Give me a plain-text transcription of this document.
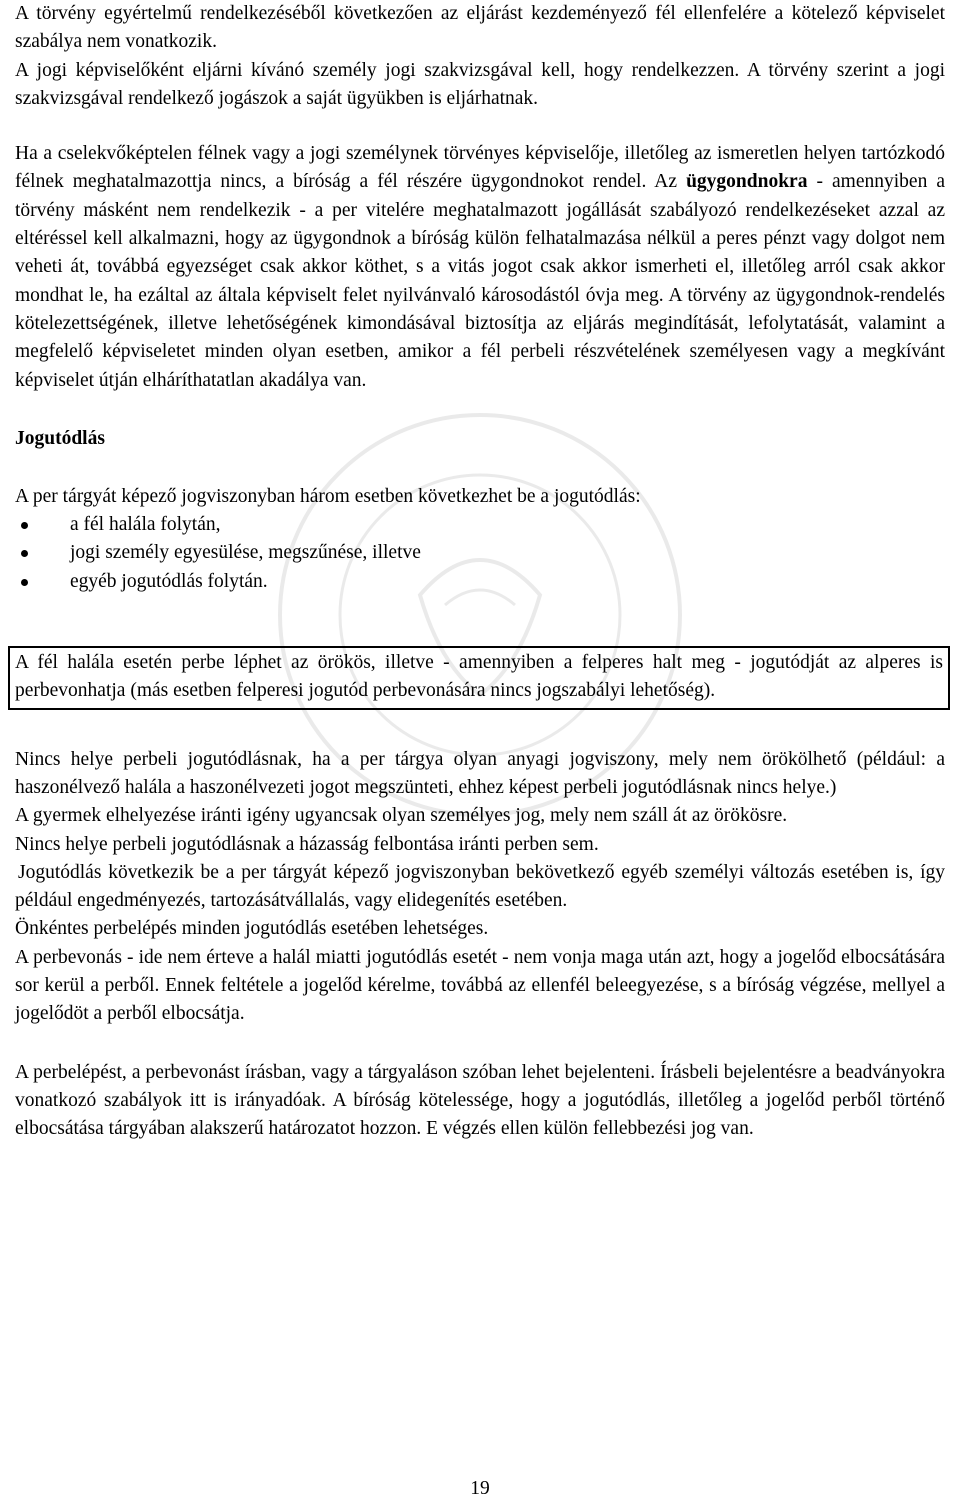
A törvény egyértelmű rendelkezéséből következően az eljárást kezdeményező fél ellenfelére a kötelező képviselet szabálya nem vonatkozik.

A jogi képviselőként eljárni kívánó személy jogi szakvizsgával kell, hogy rendelkezzen. A törvény szerint a jogi szakvizsgával rendelkező jogászok a saját ügyükben is eljárhatnak.

Ha a cselekvőképtelen félnek vagy a jogi személynek törvényes képviselője, illetőleg az ismeretlen helyen tartózkodó félnek meghatalmazottja nincs, a bíróság a fél részére ügygondnokot rendel. Az ügygondnokra - amennyiben a törvény másként nem rendelkezik - a per vitelére meghatalmazott jogállását szabályozó rendelkezéseket azzal az eltéréssel kell alkalmazni, hogy az ügygondnok a bíróság külön felhatalmazása nélkül a peres pénzt vagy dolgot nem veheti át, továbbá egyezséget csak akkor köthet, s a vitás jogot csak akkor ismerheti el, illetőleg arról csak akkor mondhat le, ha ezáltal az általa képviselt felet nyilvánvaló károsodástól óvja meg. A törvény az ügygondnok-rendelés kötelezettségének, illetve lehetőségének kimondásával biztosítja az eljárás megindítását, lefolytatását, valamint a megfelelő képviseletet minden olyan esetben, amikor a fél perbeli részvételének személyesen vagy a megkívánt képviselet útján elháríthatatlan akadálya van.

Jogutódlás

A per tárgyát képező jogviszonyban három esetben következhet be a jogutódlás:

a fél halála folytán,
jogi személy egyesülése, megszűnése, illetve
egyéb jogutódlás folytán.

A fél halála esetén perbe léphet az örökös, illetve - amennyiben a felperes halt meg - jogutódját az alperes is perbevonhatja (más esetben felperesi jogutód perbevonására nincs jogszabályi lehetőség).

Nincs helye perbeli jogutódlásnak, ha a per tárgya olyan anyagi jogviszony, mely nem örökölhető (például: a haszonélvező halála a haszonélvezeti jogot megszünteti, ehhez képest perbeli jogutódlásnak nincs helye.)

A gyermek elhelyezése iránti igény ugyancsak olyan személyes jog, mely nem száll át az örökösre.

Nincs helye perbeli jogutódlásnak a házasság felbontása iránti perben sem.

Jogutódlás következik be a per tárgyát képező jogviszonyban bekövetkező egyéb személyi változás esetében is, így például engedményezés, tartozásátvállalás, vagy elidegenítés esetében.

Önkéntes perbelépés minden jogutódlás esetében lehetséges.

A perbevonás - ide nem érteve a halál miatti jogutódlás esetét - nem vonja maga után azt, hogy a jogelőd elbocsátására sor kerül a perből. Ennek feltétele a jogelőd kérelme, továbbá az ellenfél beleegyezése, s a bíróság végzése, mellyel a jogelődöt a perből elbocsátja.

A perbelépést, a perbevonást írásban, vagy a tárgyaláson szóban lehet bejelenteni. Írásbeli bejelentésre a beadványokra vonatkozó szabályok itt is irányadóak. A bíróság kötelessége, hogy a jogutódlás, illetőleg a jogelőd perből történő elbocsátása tárgyában alakszerű határozatot hozzon. E végzés ellen külön fellebbezési jog van.

19
